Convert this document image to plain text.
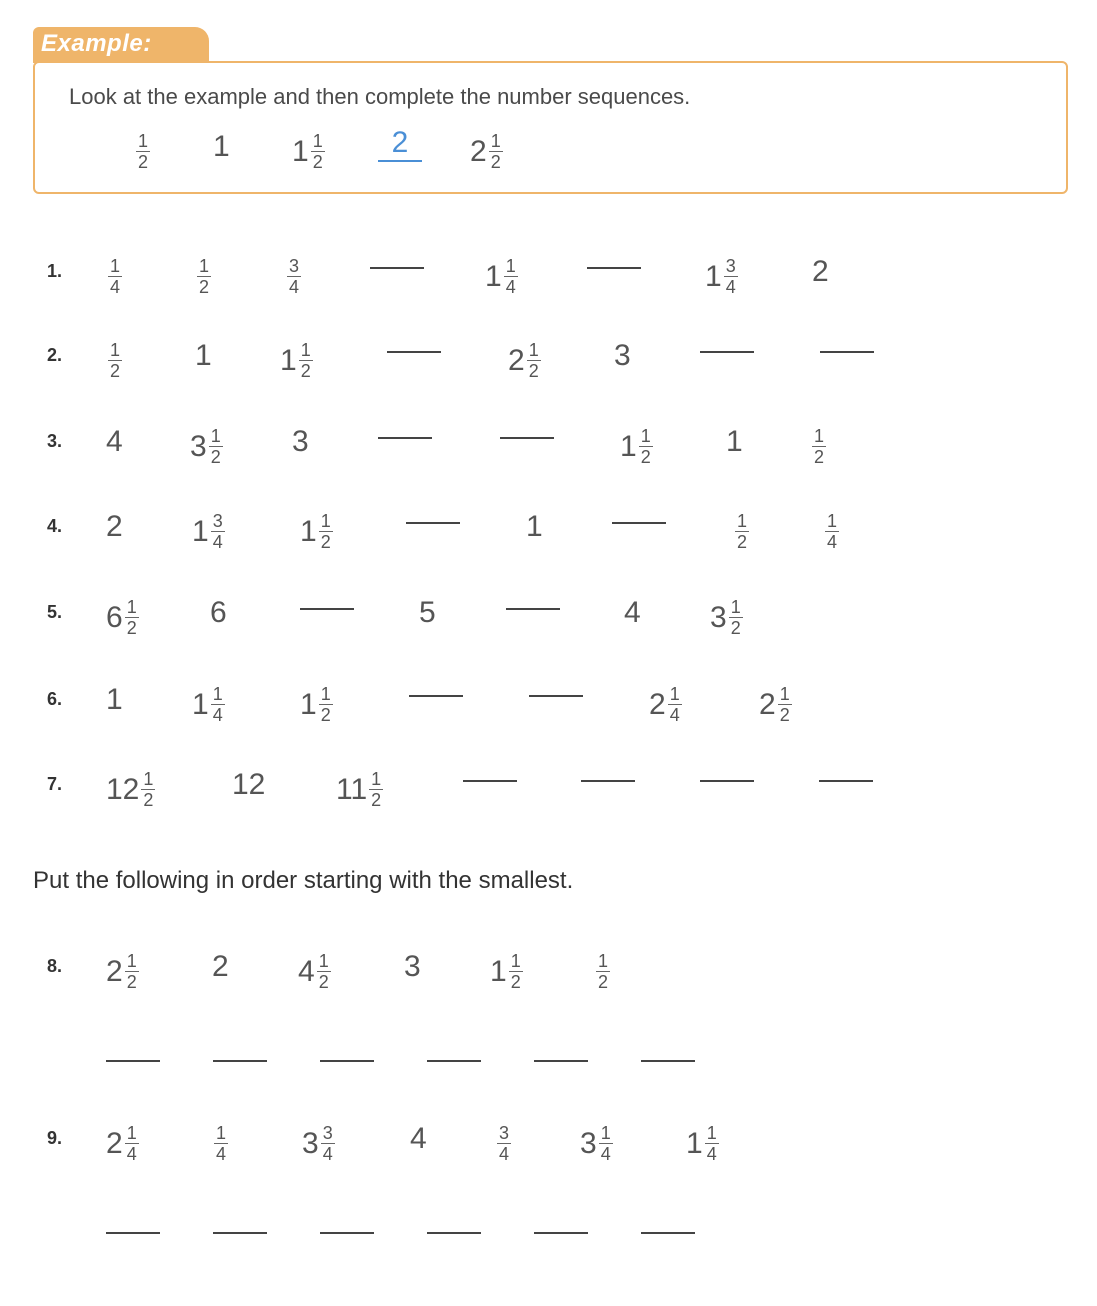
Example:
Look at the example and then complete the number sequences.
Put the following in order starting with the smallest.
$\frac{1}{2} 1$ $1 \frac{1}{2}$	2	$2 \frac{1}{2}$
1.	$\frac{1}{4}$	$\frac{1}{2}$	$\frac{3}{4}$	$1 \frac{1}{4}$	$1 \frac{3}{4} 2$
2.	$\frac{1}{2} 1$ $1 \frac{1}{2}$	$2 \frac{1}{2} 3$
3. 4 $3 \frac{1}{2} 3$	$1 \frac{1}{2} 1$	$\frac{1}{2}$
4. 2 $1 \frac{3}{4}$	$1 \frac{1}{2}$	1	$\frac{1}{2}$	$\frac{1}{4}$
5. $6 \frac{1}{2} 6$	5	4 $3 \frac{1}{2}$
6. 1 $1 \frac{1}{4}$	$1 \frac{1}{2}$	$2 \frac{1}{4}$	$2 \frac{1}{2}$
7. $12 \frac{1}{2}$	12 $11 \frac{1}{2}$
8. $2 \frac{1}{2} 2$ $4 \frac{1}{2} 3$ $1 \frac{1}{2}$	$\frac{1}{2}$
9. $2 \frac{1}{4}$	$\frac{1}{4} 3 \frac{3}{4}$	4	$\frac{3}{4} 3 \frac{1}{4} 1 \frac{1}{4}$
